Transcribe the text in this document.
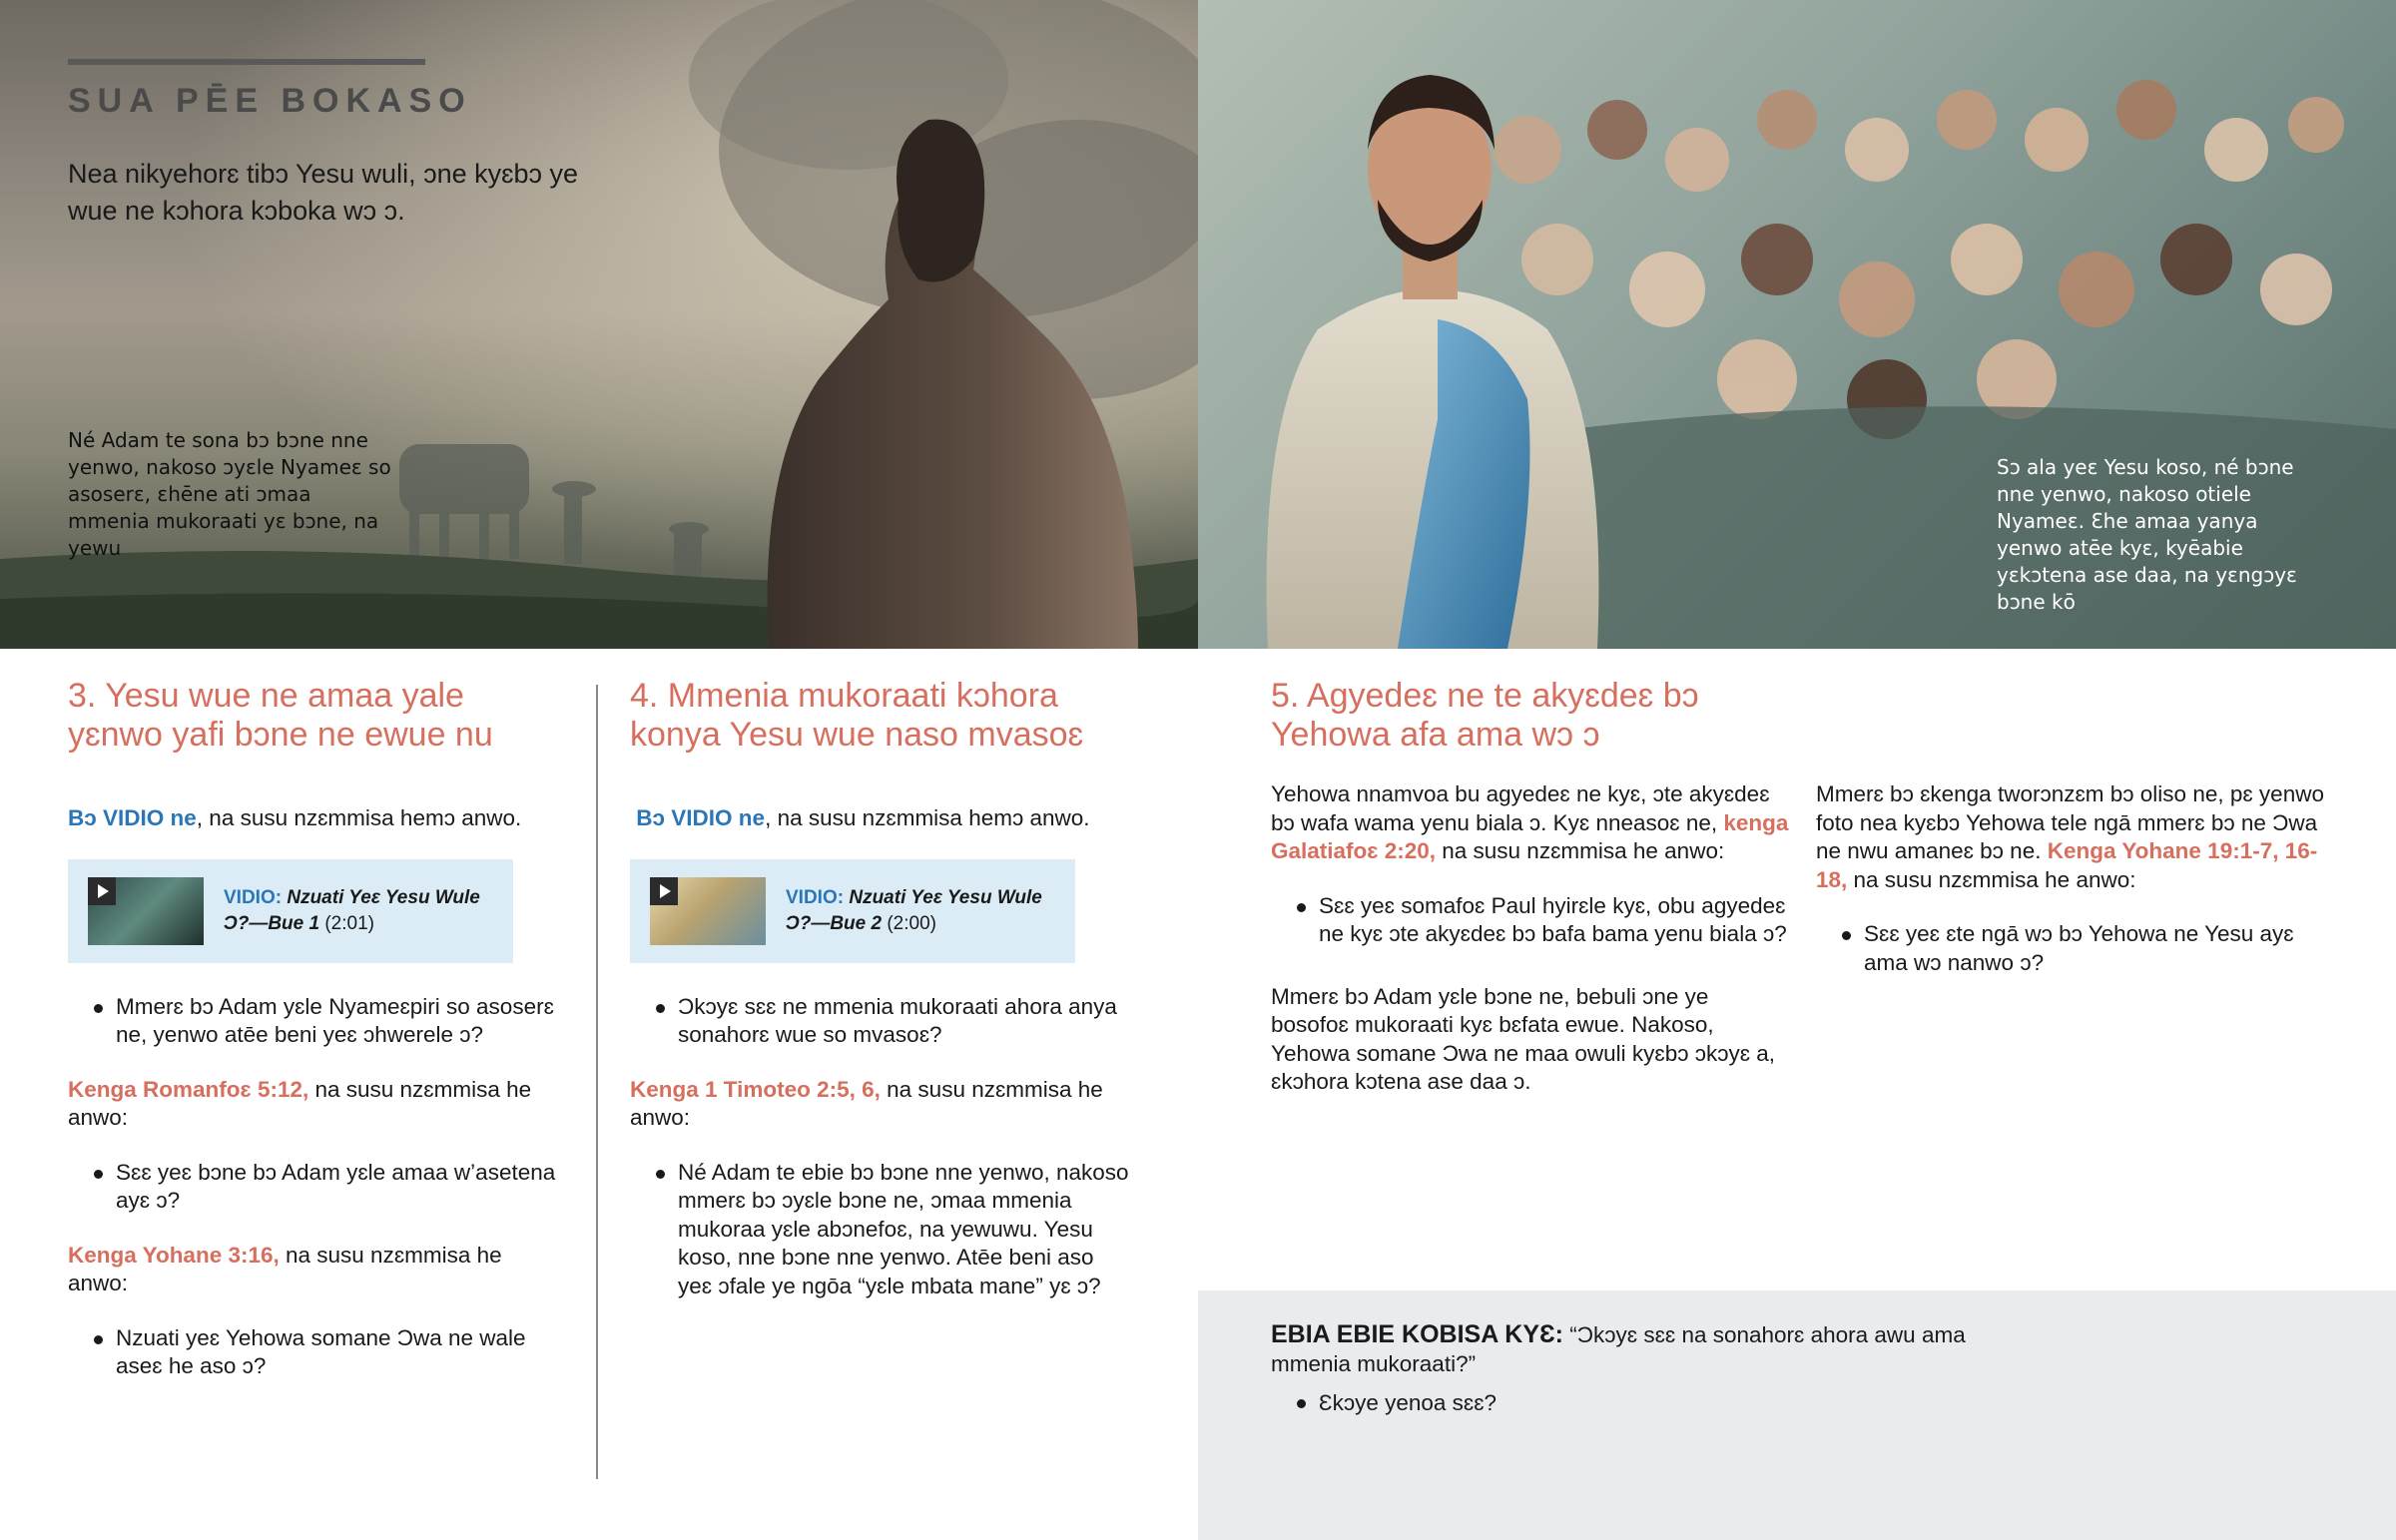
SUA PĒE BOKASO
Nea nikyehorɛ tibɔ Yesu wuli, ɔne kyɛbɔ ye wue ne kɔhora kɔboka wɔ ɔ.
Né Adam te sona bɔ bɔne nne yenwo, nakoso ɔyɛle Nyameɛ so asoserɛ, ɛhēne ati ɔmaa mmenia mukoraati yɛ bɔne, na yewu
Sɔ ala yeɛ Yesu koso, né bɔne nne yenwo, nakoso otiele Nyameɛ. Ɛhe amaa yanya yenwo atēe kyɛ, kyēabie yɛkɔtena ase daa, na yɛngɔyɛ bɔne kō
3. Yesu wue ne amaa yale yɛnwo yafi bɔne ne ewue nu

Bɔ VIDIO ne, na susu nzɛmmisa hemɔ anwo.

VIDIO: Nzuati Yeɛ Yesu Wule Ɔ?—Bue 1 (2:01)
Mmerɛ bɔ Adam yɛle Nyameɛpiri so asoserɛ ne, yenwo atēe beni yeɛ ɔhwerele ɔ?

Kenga Romanfoɛ 5:12, na susu nzɛmmisa he anwo:

Sɛɛ yeɛ bɔne bɔ Adam yɛle amaa w’asetena ayɛ ɔ?

Kenga Yohane 3:16, na susu nzɛmmisa he anwo:

Nzuati yeɛ Yehowa somane Ɔwa ne wale aseɛ he aso ɔ?
4. Mmenia mukoraati kɔhora konya Yesu wue naso mvasoɛ

Bɔ VIDIO ne, na susu nzɛmmisa hemɔ anwo.

VIDIO: Nzuati Yeɛ Yesu Wule Ɔ?—Bue 2 (2:00)
Ɔkɔyɛ sɛɛ ne mmenia mukoraati ahora anya sonahorɛ wue so mvasoɛ?

Kenga 1 Timoteo 2:5, 6, na susu nzɛmmisa he anwo:

Né Adam te ebie bɔ bɔne nne yenwo, nakoso mmerɛ bɔ ɔyɛle bɔne ne, ɔmaa mmenia mukoraa yɛle abɔnefoɛ, na yewuwu. Yesu koso, nne bɔne nne yenwo. Atēe beni aso yeɛ ɔfale ye ngōa “yɛle mbata mane” yɛ ɔ?
5. Agyedeɛ ne te akyɛdeɛ bɔ Yehowa afa ama wɔ ɔ

Yehowa nnamvoa bu agyedeɛ ne kyɛ, ɔte akyɛdeɛ bɔ wafa wama yenu biala ɔ. Kyɛ nneasoɛ ne, kenga Galatiafoɛ 2:20, na susu nzɛmmisa he anwo:

Sɛɛ yeɛ somafoɛ Paul hyirɛle kyɛ, obu agyedeɛ ne kyɛ ɔte akyɛdeɛ bɔ bafa bama yenu biala ɔ?

Mmerɛ bɔ Adam yɛle bɔne ne, bebuli ɔne ye bosofoɛ mukoraati kyɛ bɛfata ewue. Nakoso, Yehowa somane Ɔwa ne maa owuli kyɛbɔ ɔkɔyɛ a, ɛkɔhora kɔtena ase daa ɔ.

Mmerɛ bɔ ɛkenga tworɔnzɛm bɔ oliso ne, pɛ yenwo foto nea kyɛbɔ Yehowa tele ngā mmerɛ bɔ ne Ɔwa ne nwu amaneɛ bɔ ne. Kenga Yohane 19:1-7, 16-18, na susu nzɛmmisa he anwo:

Sɛɛ yeɛ ɛte ngā wɔ bɔ Yehowa ne Yesu ayɛ ama wɔ nanwo ɔ?

EBIA EBIE KOBISA KYƐ: “Ɔkɔyɛ sɛɛ na sonahorɛ ahora awu ama mmenia mukoraati?”

Ɛkɔye yenoa sɛɛ?
